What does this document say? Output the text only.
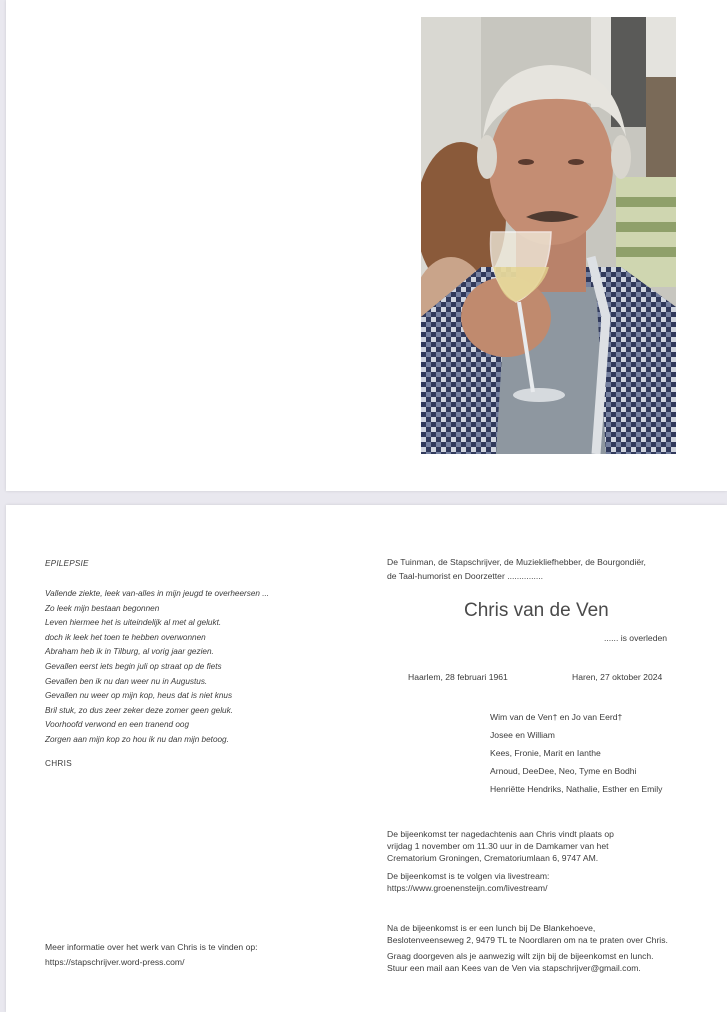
EPILEPSIE
Vallende ziekte, leek van-alles in mijn jeugd te overheersen ...
Zo leek mijn bestaan begonnen
Leven hiermee het is uiteindelijk al met al gelukt.
doch ik leek het toen te hebben overwonnen
Abraham heb ik in Tilburg, al vorig jaar gezien.
Gevallen eerst iets begin juli op straat op de fiets
Gevallen ben ik nu dan weer nu in Augustus.
Gevallen nu weer op mijn kop, heus dat is niet knus
Bril stuk, zo dus zeer zeker deze zomer geen geluk.
Voorhoofd verwond en een tranend oog
Zorgen aan mijn kop zo hou ik nu dan mijn betoog.
CHRIS
Meer informatie over het werk van Chris is te vinden op:
https://stapschrijver.word-press.com/
De Tuinman, de Stapschrijver, de Muziekliefhebber, de Bourgondiër,
de Taal-humorist en Doorzetter ...............
Chris van de Ven
...... is overleden
Haarlem, 28 februari 1961	Haren, 27 oktober 2024
Wim van de Ven† en Jo van Eerd†
Josee en William
Kees, Fronie, Marit en Ianthe
Arnoud, DeeDee, Neo, Tyme en Bodhi
Henriëtte Hendriks, Nathalie, Esther en Emily
De bijeenkomst ter nagedachtenis aan Chris vindt plaats op
vrijdag 1 november om 11.30 uur in de Damkamer van het
Crematorium Groningen, Crematoriumlaan 6, 9747 AM.
De bijeenkomst is te volgen via livestream:
https://www.groenensteijn.com/livestream/
Na de bijeenkomst is er een lunch bij De Blankehoeve,
Beslotenveenseweg 2, 9479 TL te Noordlaren om na te praten over Chris.
Graag doorgeven als je aanwezig wilt zijn bij de bijeenkomst en lunch.
Stuur een mail aan Kees van de Ven via stapschrijver@gmail.com.
